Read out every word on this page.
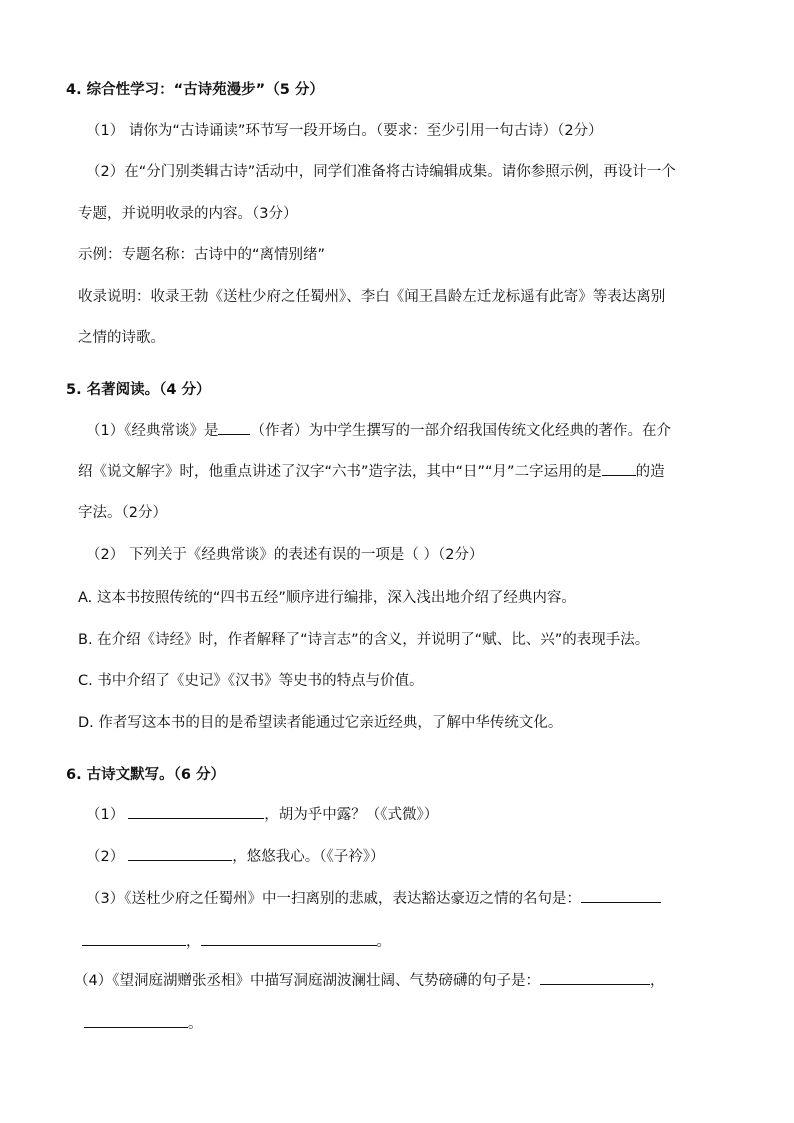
4. 综合性学习：“古诗苑漫步”（5 分）
（1） 请你为“古诗诵读”环节写一段开场白。（要求：至少引用一句古诗）（2分）
（2）在“分门别类辑古诗”活动中，同学们准备将古诗编辑成集。请你参照示例，再设计一个
专题，并说明收录的内容。（3分）
示例：专题名称：古诗中的“离情别绪”
收录说明：收录王勃《送杜少府之任蜀州》、李白《闻王昌龄左迁龙标遥有此寄》等表达离别
之情的诗歌。
5. 名著阅读。（4 分）
（1）《经典常谈》是 （作者）为中学生撰写的一部介绍我国传统文化经典的著作。在介
绍《说文解字》时，他重点讲述了汉字“六书”造字法，其中“日”“月”二字运用的是 的造
字法。（2分）
（2） 下列关于《经典常谈》的表述有误的一项是（ ）（2分）
A. 这本书按照传统的“四书五经”顺序进行编排，深入浅出地介绍了经典内容。
B. 在介绍《诗经》时，作者解释了“诗言志”的含义，并说明了“赋、比、兴”的表现手法。
C. 书中介绍了《史记》《汉书》等史书的特点与价值。
D. 作者写这本书的目的是希望读者能通过它亲近经典，了解中华传统文化。
6. 古诗文默写。（6 分）
（1）	，胡为乎中露？（《式微》）
（2）	，悠悠我心。（《子衿》）
（3）《送杜少府之任蜀州》中一扫离别的悲戚，表达豁达豪迈之情的名句是：
，	。
（4）《望洞庭湖赠张丞相》中描写洞庭湖波澜壮阔、气势磅礴的句子是：	，
。
